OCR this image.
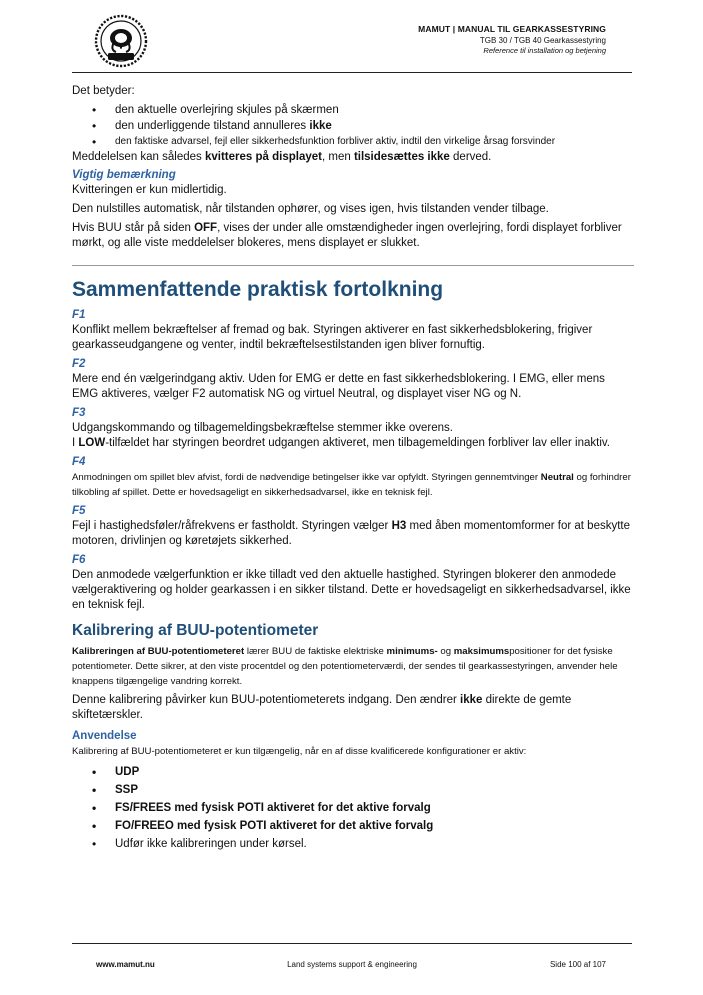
MAMUT | MANUAL TIL GEARKASSESTYRING
TGB 30 / TGB 40 Gearkassestyring
Reference til installation og betjening

Det betyder:

• den aktuelle overlejring skjules på skærmen
• den underliggende tilstand annulleres ikke
• den faktiske advarsel, fejl eller sikkerhedsfunktion forbliver aktiv, indtil den virkelige årsag forsvinder

Meddelelsen kan således kvitteres på displayet, men tilsidesættes ikke derved.

Vigtig bemærkning

Kvitteringen er kun midlertidig.

Den nulstilles automatisk, når tilstanden ophører, og vises igen, hvis tilstanden vender tilbage.

Hvis BUU står på siden OFF, vises der under alle omstændigheder ingen overlejring, fordi displayet forbliver mørkt, og alle viste meddelelser blokeres, mens displayet er slukket.

Sammenfattende praktisk fortolkning
F1

Konflikt mellem bekræftelser af fremad og bak. Styringen aktiverer en fast sikkerhedsblokering, frigiver gearkasseudgangene og venter, indtil bekræftelsestilstanden igen bliver fornuftig.

F2

Mere end én vælgerindgang aktiv. Uden for EMG er dette en fast sikkerhedsblokering. I EMG, eller mens EMG aktiveres, vælger F2 automatisk NG og virtuel Neutral, og displayet viser NG og N.

F3

Udgangskommando og tilbagemeldingsbekræftelse stemmer ikke overens.

I LOW-tilfældet har styringen beordret udgangen aktiveret, men tilbagemeldingen forbliver lav eller inaktiv.

F4

Anmodningen om spillet blev afvist, fordi de nødvendige betingelser ikke var opfyldt. Styringen gennemtvinger Neutral og forhindrer tilkobling af spillet. Dette er hovedsageligt en sikkerhedsadvarsel, ikke en teknisk fejl.

F5

Fejl i hastighedsføler/råfrekvens er fastholdt. Styringen vælger H3 med åben momentomformer for at beskytte motoren, drivlinjen og køretøjets sikkerhed.

F6

Den anmodede vælgerfunktion er ikke tilladt ved den aktuelle hastighed. Styringen blokerer den anmodede vælgeraktivering og holder gearkassen i en sikker tilstand. Dette er hovedsageligt en sikkerhedsadvarsel, ikke en teknisk fejl.

Kalibrering af BUU-potentiometer

Kalibreringen af BUU-potentiometeret lærer BUU de faktiske elektriske minimums- og maksimumspositioner for det fysiske potentiometer. Dette sikrer, at den viste procentdel og den potentiometerværdi, der sendes til gearkassestyringen, anvender hele knappens tilgængelige vandring korrekt.

Denne kalibrering påvirker kun BUU-potentiometerets indgang. Den ændrer ikke direkte de gemte skiftetærskler.

Anvendelse

Kalibrering af BUU-potentiometeret er kun tilgængelig, når en af disse kvalificerede konfigurationer er aktiv:

• UDP
• SSP
• FS/FREES med fysisk POTI aktiveret for det aktive forvalg
• FO/FREEO med fysisk POTI aktiveret for det aktive forvalg
• Udfør ikke kalibreringen under kørsel.
www.mamut.nu	Land systems support & engineering	Side 100 af 107
